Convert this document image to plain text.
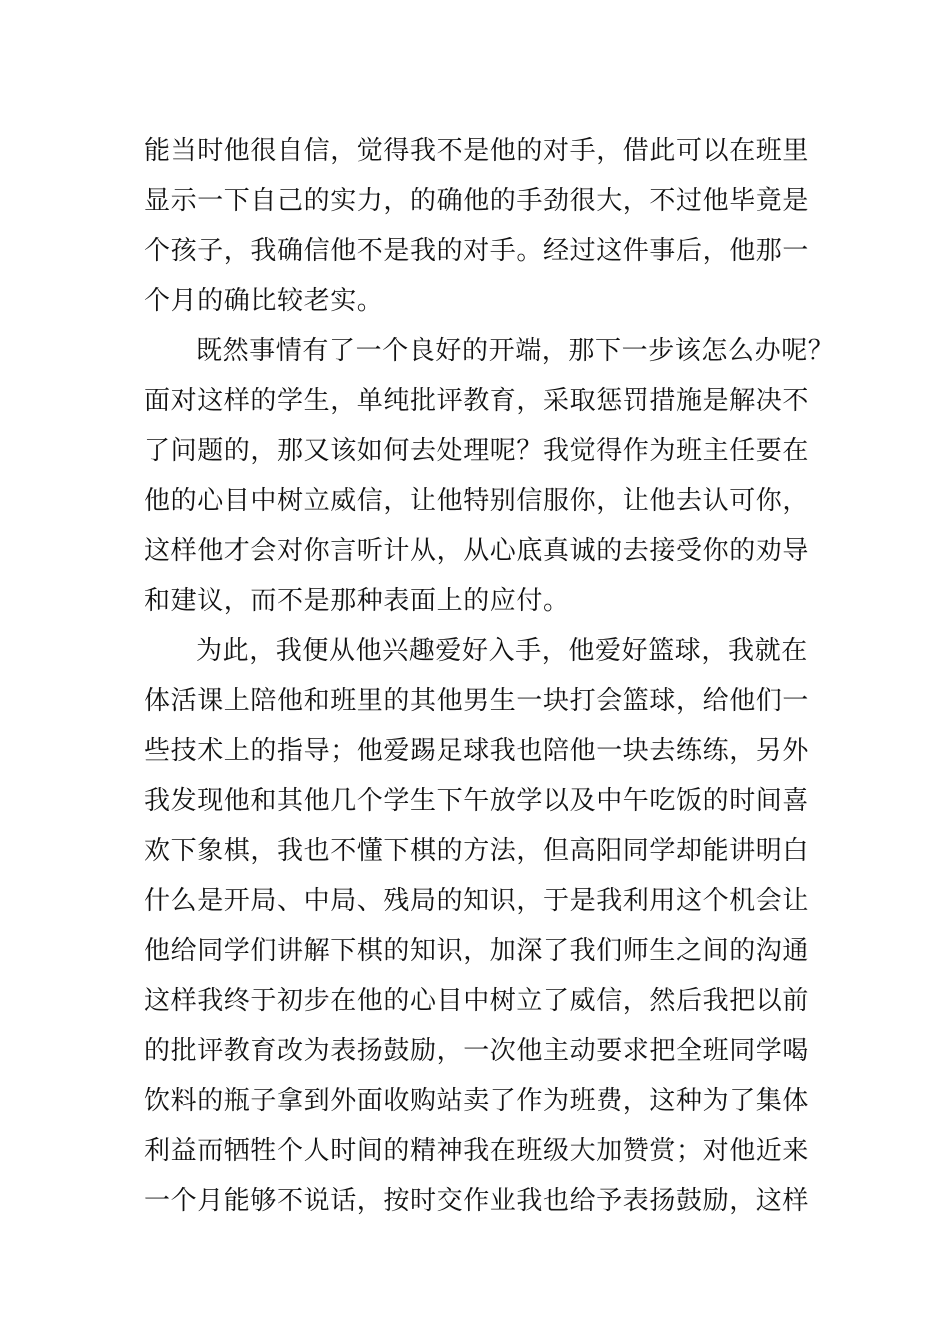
能当时他很自信，觉得我不是他的对手，借此可以在班里
显示一下自己的实力，的确他的手劲很大，不过他毕竟是
个孩子，我确信他不是我的对手。经过这件事后，他那一
个月的确比较老实。
既然事情有了一个良好的开端，那下一步该怎么办呢？
面对这样的学生，单纯批评教育，采取惩罚措施是解决不
了问题的，那又该如何去处理呢？我觉得作为班主任要在
他的心目中树立威信，让他特别信服你，让他去认可你，
这样他才会对你言听计从，从心底真诚的去接受你的劝导
和建议，而不是那种表面上的应付。
为此，我便从他兴趣爱好入手，他爱好篮球，我就在
体活课上陪他和班里的其他男生一块打会篮球，给他们一
些技术上的指导；他爱踢足球我也陪他一块去练练，另外
我发现他和其他几个学生下午放学以及中午吃饭的时间喜
欢下象棋，我也不懂下棋的方法，但高阳同学却能讲明白
什么是开局、中局、残局的知识，于是我利用这个机会让
他给同学们讲解下棋的知识，加深了我们师生之间的沟通
这样我终于初步在他的心目中树立了威信，然后我把以前
的批评教育改为表扬鼓励，一次他主动要求把全班同学喝
饮料的瓶子拿到外面收购站卖了作为班费，这种为了集体
利益而牺牲个人时间的精神我在班级大加赞赏；对他近来
一个月能够不说话，按时交作业我也给予表扬鼓励，这样
